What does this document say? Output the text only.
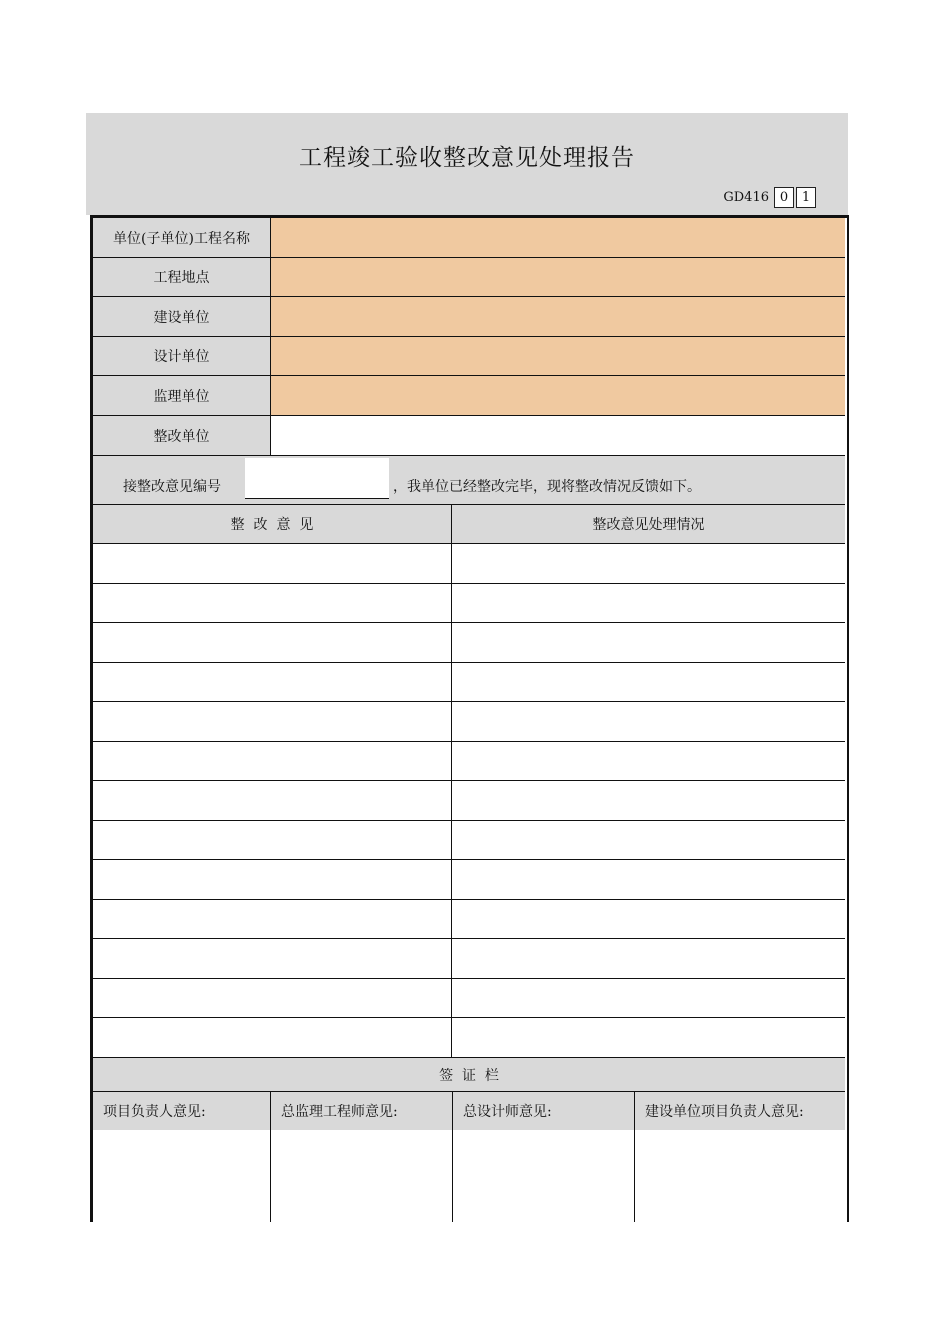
工程竣工验收整改意见处理报告
GD416 0	1
单位(子单位)工程名称
工程地点
建设单位
设计单位
监理单位
整改单位
接整改意见编号	，我单位已经整改完毕，现将整改情况反馈如下。
整  改  意  见	整改意见处理情况
签  证  栏
项目负责人意见:	总监理工程师意见:	总设计师意见:	建设单位项目负责人意见:
